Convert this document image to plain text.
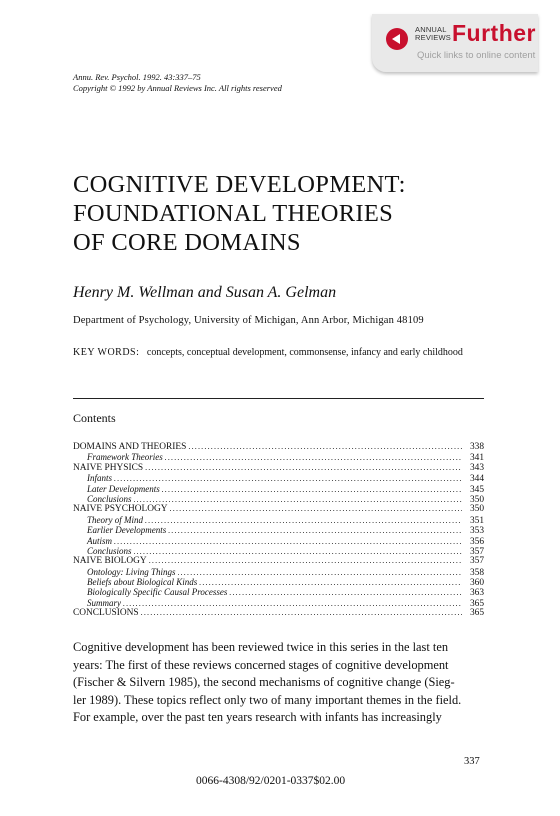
ANNUAL
REVIEWS Further
Quick links to online content
Annu. Rev. Psychol. 1992. 43:337–75
Copyright © 1992 by Annual Reviews Inc. All rights reserved
COGNITIVE DEVELOPMENT:
FOUNDATIONAL THEORIES
OF CORE DOMAINS
Henry M. Wellman and Susan A. Gelman
Department of Psychology, University of Michigan, Ann Arbor, Michigan 48109
KEY WORDS: concepts, conceptual development, commonsense, infancy and early childhood
Contents
DOMAINS AND THEORIES .....	338
Framework Theories .....	341
NAIVE PHYSICS .....	343
Infants .....	344
Later Developments .....	345
Conclusions .....	350
NAIVE PSYCHOLOGY .....	350
Theory of Mind .....	351
Earlier Developments .....	353
Autism .....	356
Conclusions .....	357
NAIVE BIOLOGY .....	357
Ontology: Living Things .....	358
Beliefs about Biological Kinds .....	360
Biologically Specific Causal Processes .....	363
Summary .....	365
CONCLUSIONS .....	365
Cognitive development has been reviewed twice in this series in the last ten
years: The first of these reviews concerned stages of cognitive development
(Fischer & Silvern 1985), the second mechanisms of cognitive change (Sieg-
ler 1989). These topics reflect only two of many important themes in the field.
For example, over the past ten years research with infants has increasingly
337
0066-4308/92/0201-0337$02.00
